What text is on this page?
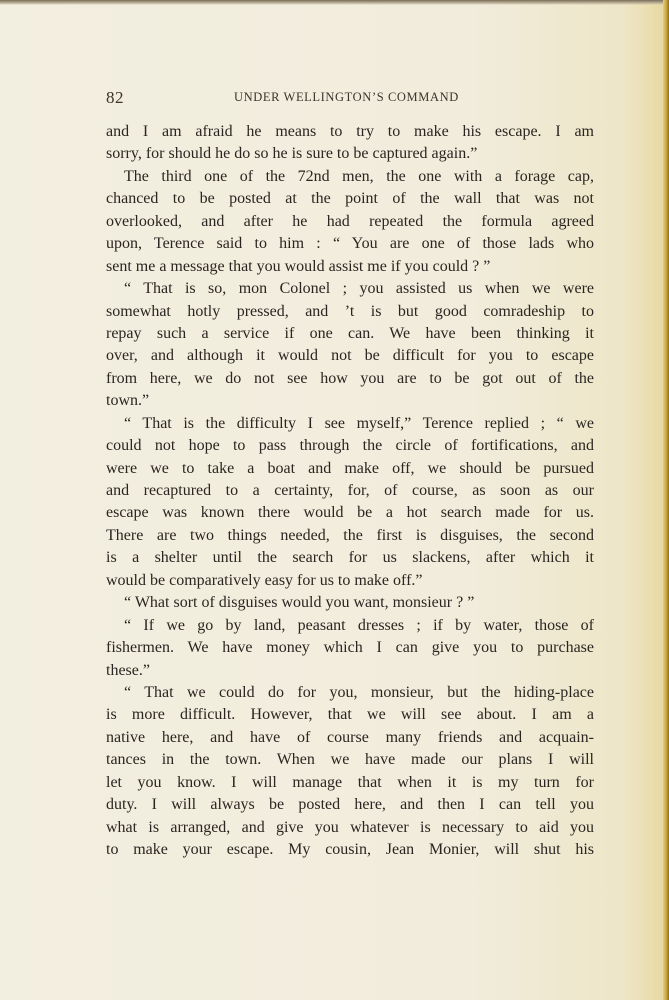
82	UNDER WELLINGTON’S COMMAND
and I am afraid he means to try to make his escape. I am
sorry, for should he do so he is sure to be captured again.”
The third one of the 72nd men, the one with a forage cap,
chanced to be posted at the point of the wall that was not
overlooked, and after he had repeated the formula agreed
upon, Terence said to him : “ You are one of those lads who
sent me a message that you would assist me if you could ? ”
“ That is so, mon Colonel ; you assisted us when we were
somewhat hotly pressed, and ’t is but good comradeship to
repay such a service if one can. We have been thinking it
over, and although it would not be difficult for you to escape
from here, we do not see how you are to be got out of the
town.”
“ That is the difficulty I see myself,” Terence replied ; “ we
could not hope to pass through the circle of fortifications, and
were we to take a boat and make off, we should be pursued
and recaptured to a certainty, for, of course, as soon as our
escape was known there would be a hot search made for us.
There are two things needed, the first is disguises, the second
is a shelter until the search for us slackens, after which it
would be comparatively easy for us to make off.”
“ What sort of disguises would you want, monsieur ? ”
“ If we go by land, peasant dresses ; if by water, those of
fishermen. We have money which I can give you to purchase
these.”
“ That we could do for you, monsieur, but the hiding-place
is more difficult. However, that we will see about. I am a
native here, and have of course many friends and acquain-
tances in the town. When we have made our plans I will
let you know. I will manage that when it is my turn for
duty. I will always be posted here, and then I can tell you
what is arranged, and give you whatever is necessary to aid you
to make your escape. My cousin, Jean Monier, will shut his
